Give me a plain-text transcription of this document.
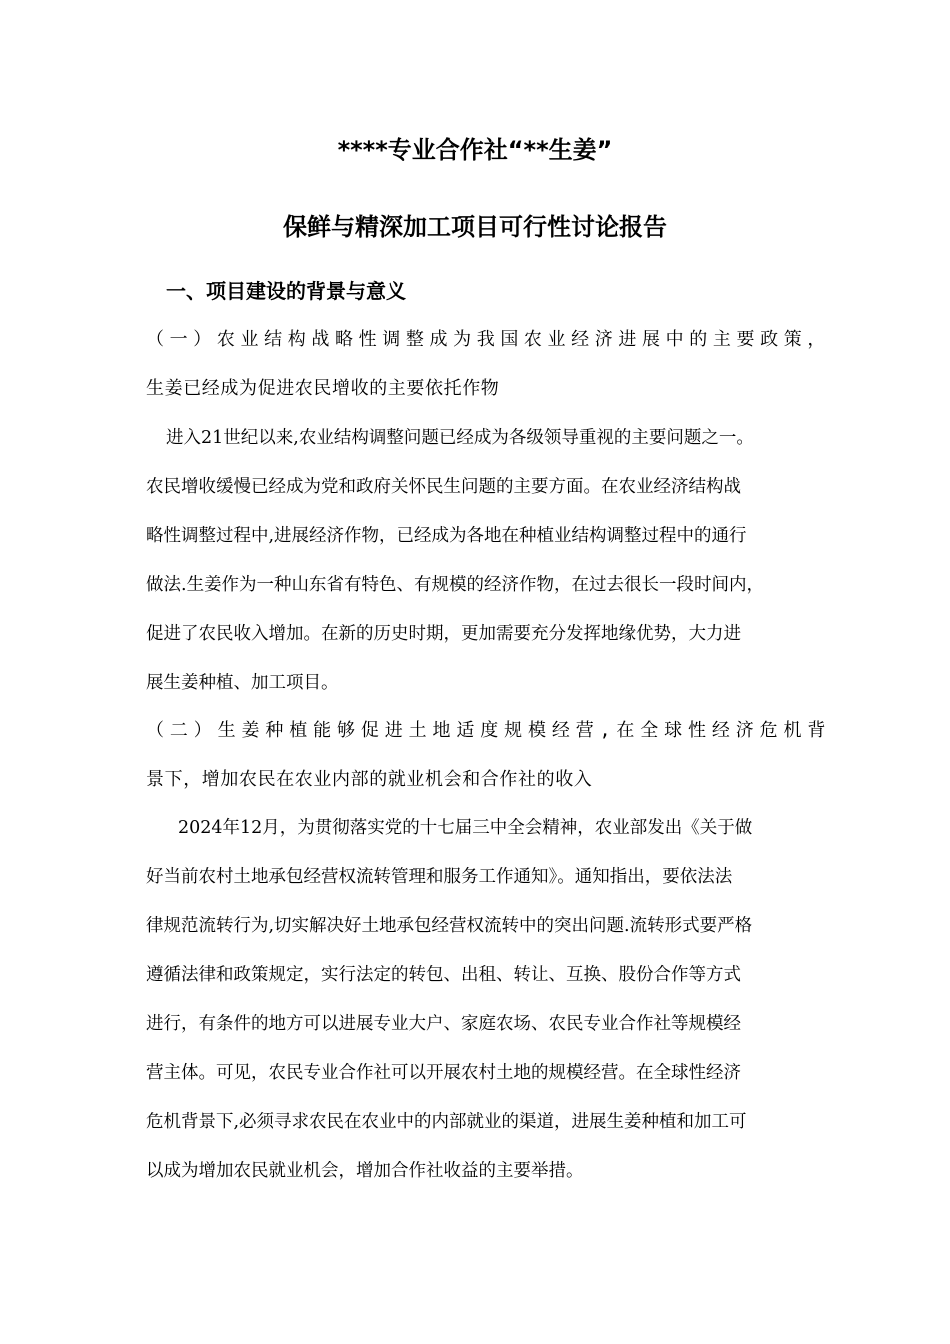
****专业合作社“**生姜”
保鲜与精深加工项目可行性讨论报告
一、项目建设的背景与意义
（一）农业结构战略性调整成为我国农业经济进展中的主要政策，
生姜已经成为促进农民增收的主要依托作物
进入21世纪以来,农业结构调整问题已经成为各级领导重视的主要问题之一。
农民增收缓慢已经成为党和政府关怀民生问题的主要方面。在农业经济结构战
略性调整过程中,进展经济作物，已经成为各地在种植业结构调整过程中的通行
做法.生姜作为一种山东省有特色、有规模的经济作物，在过去很长一段时间内，
促进了农民收入增加。在新的历史时期，更加需要充分发挥地缘优势，大力进
展生姜种植、加工项目。
（二）生姜种植能够促进土地适度规模经营,在全球性经济危机背
景下，增加农民在农业内部的就业机会和合作社的收入
2024年12月，为贯彻落实党的十七届三中全会精神，农业部发出《关于做
好当前农村土地承包经营权流转管理和服务工作通知》。通知指出，要依法法
律规范流转行为,切实解决好土地承包经营权流转中的突出问题.流转形式要严格
遵循法律和政策规定，实行法定的转包、出租、转让、互换、股份合作等方式
进行，有条件的地方可以进展专业大户、家庭农场、农民专业合作社等规模经
营主体。可见，农民专业合作社可以开展农村土地的规模经营。在全球性经济
危机背景下,必须寻求农民在农业中的内部就业的渠道，进展生姜种植和加工可
以成为增加农民就业机会，增加合作社收益的主要举措。
